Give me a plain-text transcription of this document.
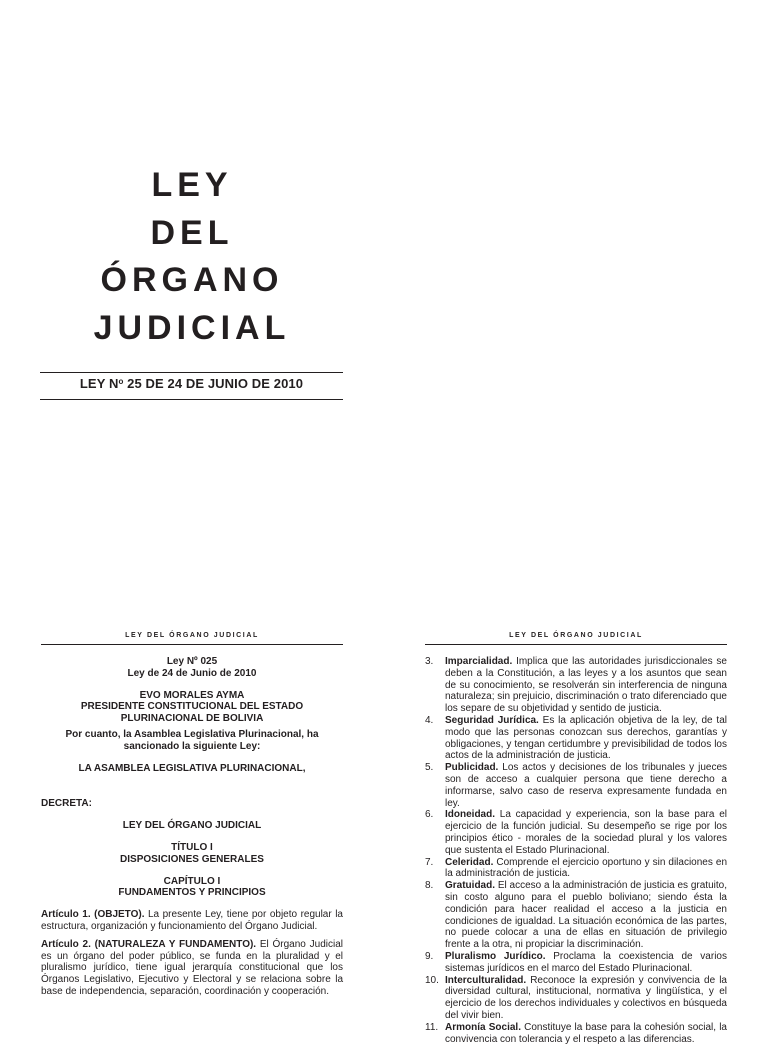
LEY
DEL
ÓRGANO
JUDICIAL
LEY $N^o$ 25 DE 24 DE JUNIO DE 2010
LEY DEL ÓRGANO JUDICIAL
Ley Nº 025
Ley de 24 de Junio de 2010
EVO MORALES AYMA
PRESIDENTE CONSTITUCIONAL DEL ESTADO PLURINACIONAL DE BOLIVIA
Por cuanto, la Asamblea Legislativa Plurinacional, ha sancionado la siguiente Ley:
LA ASAMBLEA LEGISLATIVA PLURINACIONAL,
DECRETA:
LEY DEL ÓRGANO JUDICIAL
TÍTULO I
DISPOSICIONES GENERALES
CAPÍTULO I
FUNDAMENTOS Y PRINCIPIOS
Artículo 1. (OBJETO). La presente Ley, tiene por objeto regular la estructura, organización y funcionamiento del Órgano Judicial.
Artículo 2. (NATURALEZA Y FUNDAMENTO). El Órgano Judicial es un órgano del poder público, se funda en la pluralidad y el pluralismo jurídico, tiene igual jerarquía constitucional que los Órganos Legislativo, Ejecutivo y Electoral y se relaciona sobre la base de independencia, separación, coordinación y cooperación.
LEY DEL ÓRGANO JUDICIAL
3.	Imparcialidad. Implica que las autoridades jurisdiccionales se deben a la Constitución, a las leyes y a los asuntos que sean de su conocimiento, se resolverán sin interferencia de ninguna naturaleza; sin prejuicio, discriminación o trato diferenciado que los separe de su objetividad y sentido de justicia.
4.	Seguridad Jurídica. Es la aplicación objetiva de la ley, de tal modo que las personas conozcan sus derechos, garantías y obligaciones, y tengan certidumbre y previsibilidad de todos los actos de la administración de justicia.
5.	Publicidad. Los actos y decisiones de los tribunales y jueces son de acceso a cualquier persona que tiene derecho a informarse, salvo caso de reserva expresamente fundada en ley.
6.	Idoneidad. La capacidad y experiencia, son la base para el ejercicio de la función judicial. Su desempeño se rige por los principios ético - morales de la sociedad plural y los valores que sustenta el Estado Plurinacional.
7.	Celeridad. Comprende el ejercicio oportuno y sin dilaciones en la administración de justicia.
8.	Gratuidad. El acceso a la administración de justicia es gratuito, sin costo alguno para el pueblo boliviano; siendo ésta la condición para hacer realidad el acceso a la justicia en condiciones de igualdad. La situación económica de las partes, no puede colocar a una de ellas en situación de privilegio frente a la otra, ni propiciar la discriminación.
9.	Pluralismo Jurídico. Proclama la coexistencia de varios sistemas jurídicos en el marco del Estado Plurinacional.
10. Interculturalidad. Reconoce la expresión y convivencia de la diversidad cultural, institucional, normativa y lingüística, y el ejercicio de los derechos individuales y colectivos en búsqueda del vivir bien.
11. Armonía Social. Constituye la base para la cohesión social, la convivencia con tolerancia y el respeto a las diferencias.
